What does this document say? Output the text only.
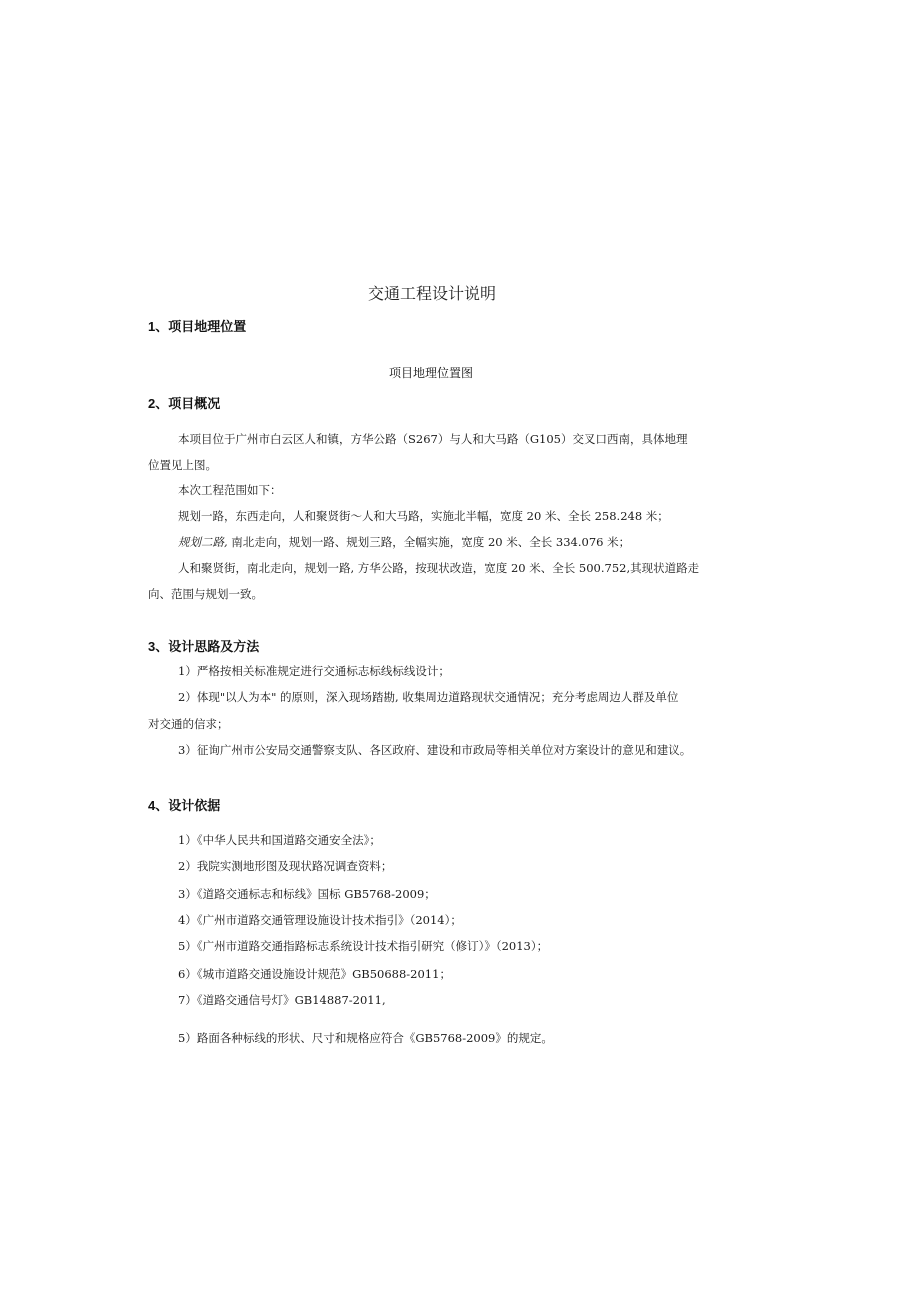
交通工程设计说明
1、项目地理位置
项目地理位置图
2、项目概况
本项目位于广州市白云区人和镇，方华公路（S267）与人和大马路（G105）交叉口西南，具体地理
位置见上图。
本次工程范围如下：
规划一路，东西走向，人和聚贤街～人和大马路，实施北半幅，宽度 20 米、全长 258.248 米；
规划二路, 南北走向，规划一路、规划三路，全幅实施，宽度 20 米、全长 334.076 米；
人和聚贤街，南北走向，规划一路, 方华公路，按现状改造，宽度 20 米、全长 500.752,其现状道路走
向、范围与规划一致。
3、设计思路及方法
1）严格按相关标准规定进行交通标志标线标线设计；
2）体现"以人为本" 的原则，深入现场踏勘, 收集周边道路现状交通情况；充分考虑周边人群及单位
对交通的信求；
3）征询广州市公安局交通警察支队、各区政府、建设和市政局等相关单位对方案设计的意见和建议。
4、设计依据
1）《中华人民共和国道路交通安全法》；
2）我院实测地形图及现状路况调查资料；
3）《道路交通标志和标线》国标 GB5768-2009；
4）《广州市道路交通管理设施设计技术指引》（2014）；
5）《广州市道路交通指路标志系统设计技术指引研究（修订）》（2013）；
6）《城市道路交通设施设计规范》GB50688-2011；
7）《道路交通信号灯》GB14887-2011,
5）路面各种标线的形状、尺寸和规格应符合《GB5768-2009》的规定。
